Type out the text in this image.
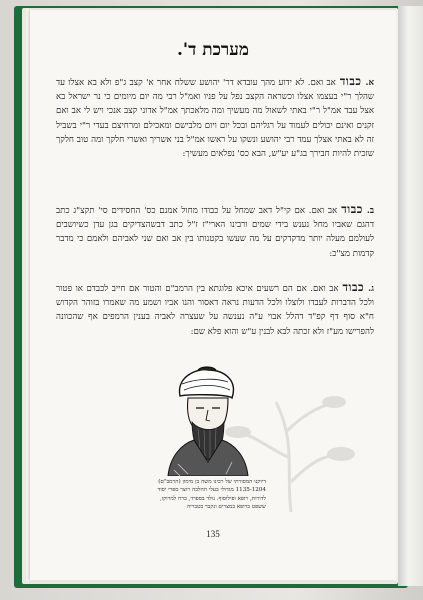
מערכת ד'.
א.כבודאב ואם. לא ידוע מהך עובדא דר' יהושע ששלח אחר א' קצב ג"פ ולא בא אצלו עד שהלך ר"י בעצמו אצלו וכשראה הקצב נפל על פניו ואמ"ל רבי מה יום מיומים כי נר ישראל בא אצל עבד אמ"ל ר"י באתי לשאול מה מעשיך ומה מלאכתך אמ"ל אדוני קצב אנכי ויש לי אב ואם זקנים ואינם יכולים לעמוד על רגליהם ובכל יום ויום מלבישם ומאכילם ומרחיצם בעדי ר"י בשביל זה לא באתי אצלך עמד רבי יהושע ונשקו על ראשו אמ"ל בני אשריך ואשרי חלקך ומה טוב חלקך שזכית להיות חבירך בג"ע יע"ש, הבא כס' נפלאים מעשיך:
ב.כבודאב ואם. אם קי"ל דאב שמחל על כבודו מחול אמנם כס' החסידים סי' תקצ"ג כתב דהגם שאביו מחל נענש בידי שמים ורבינו הארי"ז ז"ל כתב דבשהצדיקים בגן עדן כשיושבים לעולמם מעלה יותר מדקדקים על מה שעשו בקטנותו בין אב ואם שני לאביהם ולאמם כי מדבר קדמות מצ"כ:
ג.כבודאב ואם. אם הם רשעים איכא פלוגתא בין הרמב"ם והטור אם חייב לכבדם או פטור ולכל הדברות לעבדו ולוצלו ולכל הדעות נראה דאסור והנו אביו ושמע מה שאמרו בזוהר הקדוש ח"א סוף דף קפ"ד דהלל אבוי ע"ה נענשה על שעצרה לאביה בענין הרמפים אף שהכוונה להפרישו מע"ז ולא זכתה לבא לבנין ע"ש והוא פלא שם:
דיוקנו המסורתי של רבינו משה בן מימון (הרמב"ם) 1135-1204 מגדולי בעלי ההלכה ויוצר ספרי יסוד לדורות, רופא ופילוסוף. נולד בספרד, ברח למרוקו, ששפט ברופא במצרים ונקבר בטבריה
135
